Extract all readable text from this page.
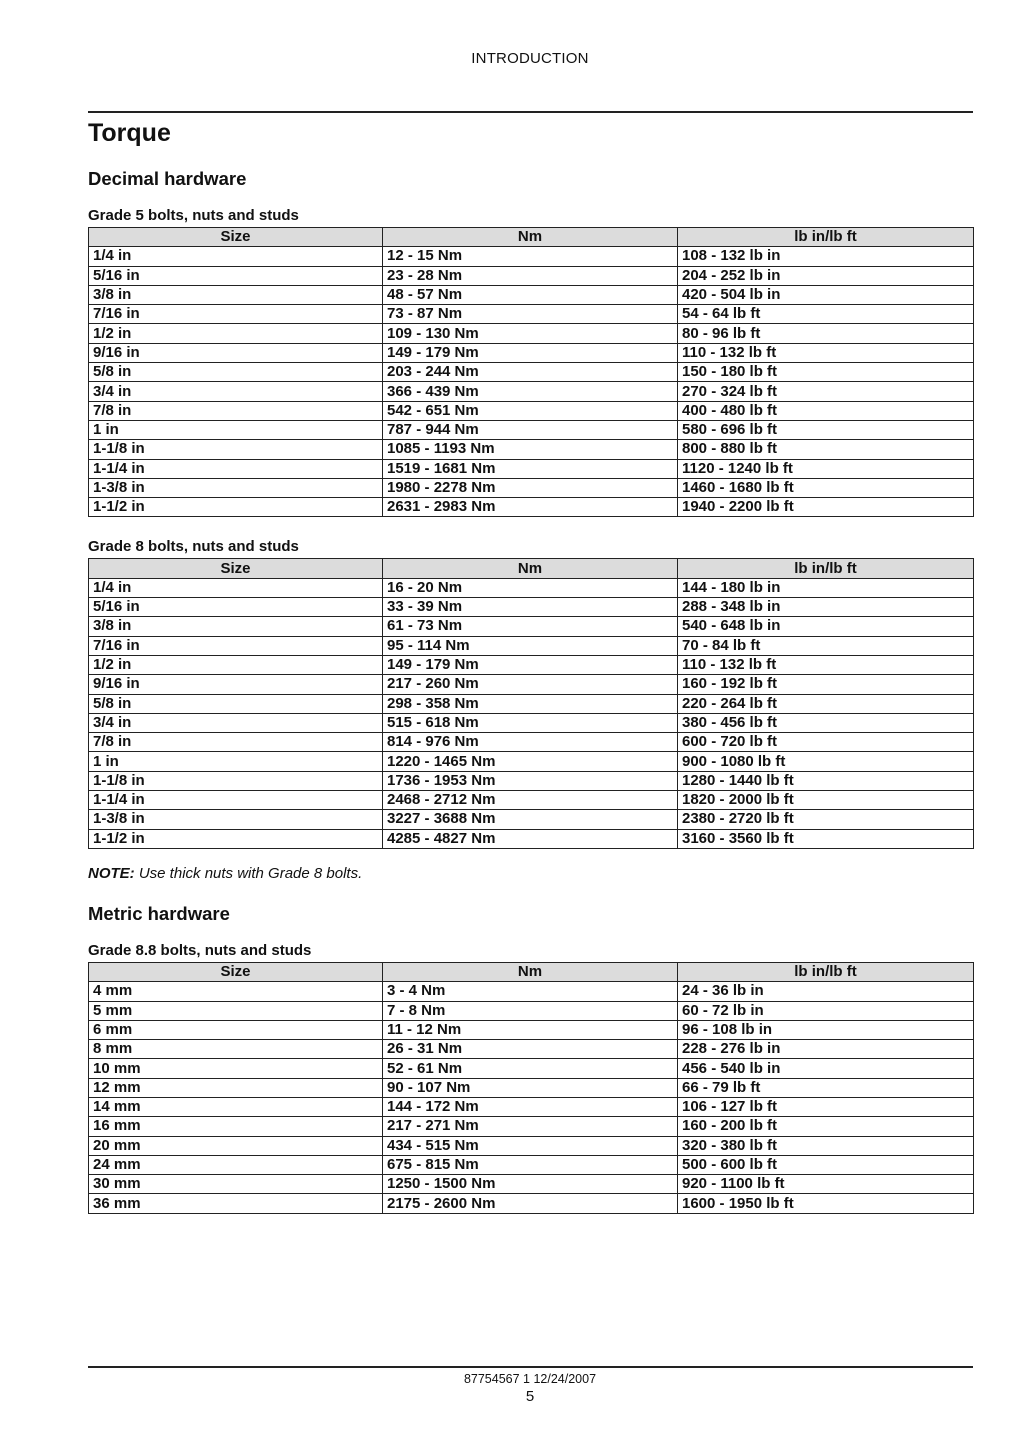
INTRODUCTION
Torque
Decimal hardware
Grade 5 bolts, nuts and studs
Size	Nm	lb in/lb ft
1/4 in	12 - 15 Nm	108 - 132 lb in
5/16 in	23 - 28 Nm	204 - 252 lb in
3/8 in	48 - 57 Nm	420 - 504 lb in
7/16 in	73 - 87 Nm	54 - 64 lb ft
1/2 in	109 - 130 Nm	80 - 96 lb ft
9/16 in	149 - 179 Nm	110 - 132 lb ft
5/8 in	203 - 244 Nm	150 - 180 lb ft
3/4 in	366 - 439 Nm	270 - 324 lb ft
7/8 in	542 - 651 Nm	400 - 480 lb ft
1 in	787 - 944 Nm	580 - 696 lb ft
1-1/8 in	1085 - 1193 Nm	800 - 880 lb ft
1-1/4 in	1519 - 1681 Nm	1120 - 1240 lb ft
1-3/8 in	1980 - 2278 Nm	1460 - 1680 lb ft
1-1/2 in	2631 - 2983 Nm	1940 - 2200 lb ft
Grade 8 bolts, nuts and studs
Size	Nm	lb in/lb ft
1/4 in	16 - 20 Nm	144 - 180 lb in
5/16 in	33 - 39 Nm	288 - 348 lb in
3/8 in	61 - 73 Nm	540 - 648 lb in
7/16 in	95 - 114 Nm	70 - 84 lb ft
1/2 in	149 - 179 Nm	110 - 132 lb ft
9/16 in	217 - 260 Nm	160 - 192 lb ft
5/8 in	298 - 358 Nm	220 - 264 lb ft
3/4 in	515 - 618 Nm	380 - 456 lb ft
7/8 in	814 - 976 Nm	600 - 720 lb ft
1 in	1220 - 1465 Nm	900 - 1080 lb ft
1-1/8 in	1736 - 1953 Nm	1280 - 1440 lb ft
1-1/4 in	2468 - 2712 Nm	1820 - 2000 lb ft
1-3/8 in	3227 - 3688 Nm	2380 - 2720 lb ft
1-1/2 in	4285 - 4827 Nm	3160 - 3560 lb ft
NOTE: Use thick nuts with Grade 8 bolts.
Metric hardware
Grade 8.8 bolts, nuts and studs
Size	Nm	lb in/lb ft
4 mm	3 - 4 Nm	24 - 36 lb in
5 mm	7 - 8 Nm	60 - 72 lb in
6 mm	11 - 12 Nm	96 - 108 lb in
8 mm	26 - 31 Nm	228 - 276 lb in
10 mm	52 - 61 Nm	456 - 540 lb in
12 mm	90 - 107 Nm	66 - 79 lb ft
14 mm	144 - 172 Nm	106 - 127 lb ft
16 mm	217 - 271 Nm	160 - 200 lb ft
20 mm	434 - 515 Nm	320 - 380 lb ft
24 mm	675 - 815 Nm	500 - 600 lb ft
30 mm	1250 - 1500 Nm	920 - 1100 lb ft
36 mm	2175 - 2600 Nm	1600 - 1950 lb ft
87754567 1 12/24/2007
5
